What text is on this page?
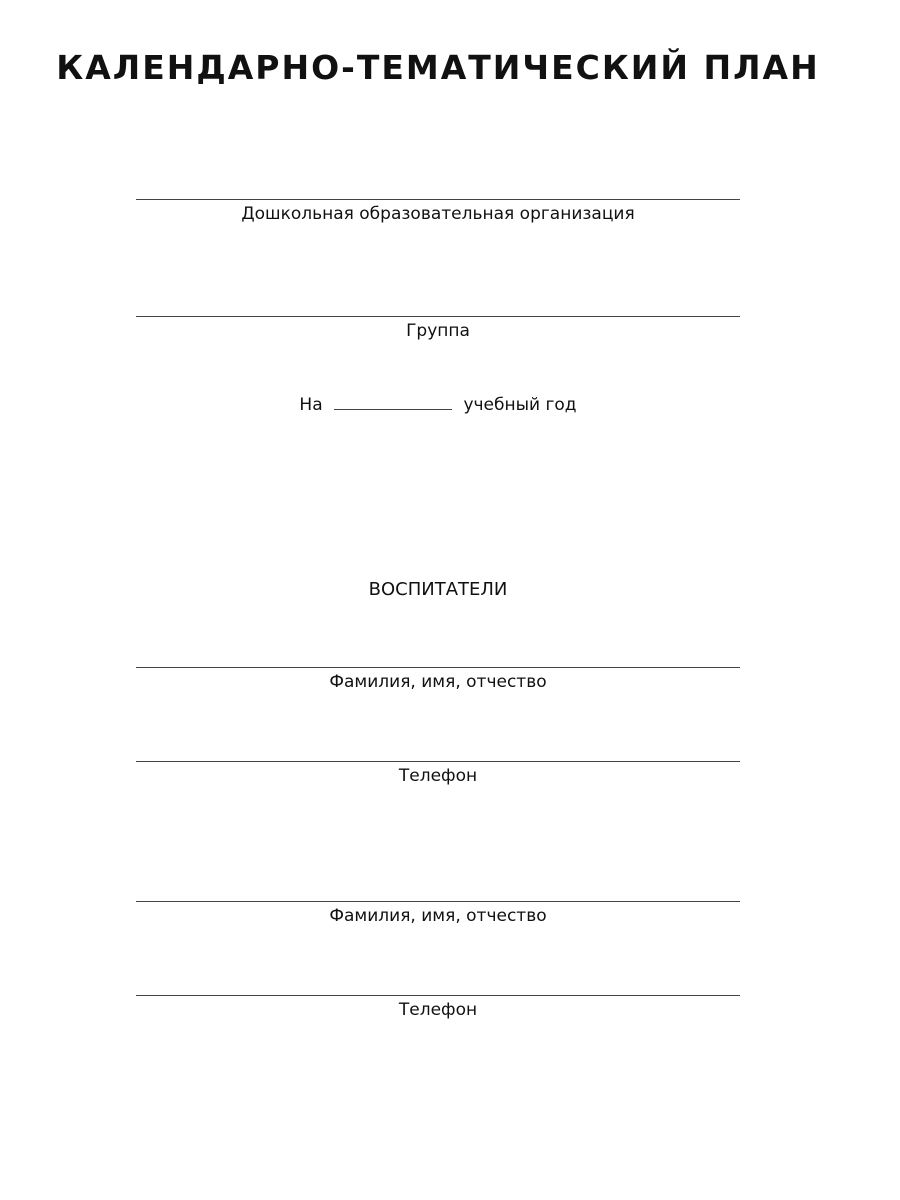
КАЛЕНДАРНО-ТЕМАТИЧЕСКИЙ ПЛАН
Дошкольная образовательная организация
Группа
На	учебный год
ВОСПИТАТЕЛИ
Фамилия, имя, отчество
Телефон
Фамилия, имя, отчество
Телефон
